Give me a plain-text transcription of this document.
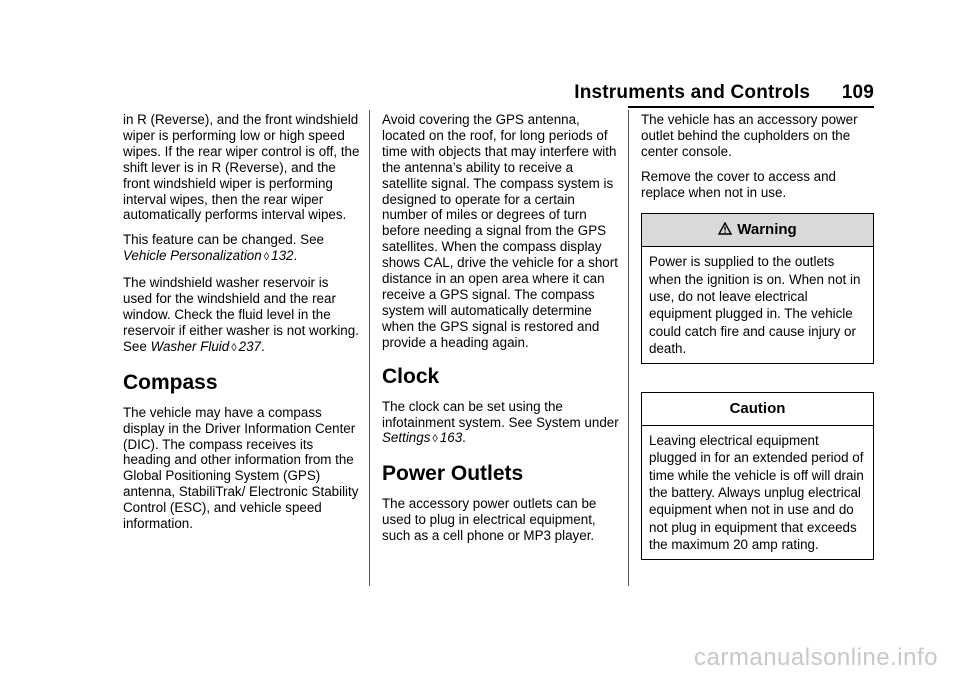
Instruments and Controls 109

in R (Reverse), and the front windshield wiper is performing low or high speed wipes. If the rear wiper control is off, the shift lever is in R (Reverse), and the front windshield wiper is performing interval wipes, then the rear wiper automatically performs interval wipes.

This feature can be changed. See Vehicle Personalization ◊ 132.

The windshield washer reservoir is used for the windshield and the rear window. Check the fluid level in the reservoir if either washer is not working. See Washer Fluid ◊ 237.

Compass

The vehicle may have a compass display in the Driver Information Center (DIC). The compass receives its heading and other information from the Global Positioning System (GPS) antenna, StabiliTrak/ Electronic Stability Control (ESC), and vehicle speed information.

Avoid covering the GPS antenna, located on the roof, for long periods of time with objects that may interfere with the antenna’s ability to receive a satellite signal. The compass system is designed to operate for a certain number of miles or degrees of turn before needing a signal from the GPS satellites. When the compass display shows CAL, drive the vehicle for a short distance in an open area where it can receive a GPS signal. The compass system will automatically determine when the GPS signal is restored and provide a heading again.

Clock

The clock can be set using the infotainment system. See System under Settings ◊ 163.

Power Outlets

The accessory power outlets can be used to plug in electrical equipment, such as a cell phone or MP3 player.

The vehicle has an accessory power outlet behind the cupholders on the center console.

Remove the cover to access and replace when not in use.

Warning
Power is supplied to the outlets when the ignition is on. When not in use, do not leave electrical equipment plugged in. The vehicle could catch fire and cause injury or death.
Caution
Leaving electrical equipment plugged in for an extended period of time while the vehicle is off will drain the battery. Always unplug electrical equipment when not in use and do not plug in equipment that exceeds the maximum 20 amp rating.
carmanualsonline.info
